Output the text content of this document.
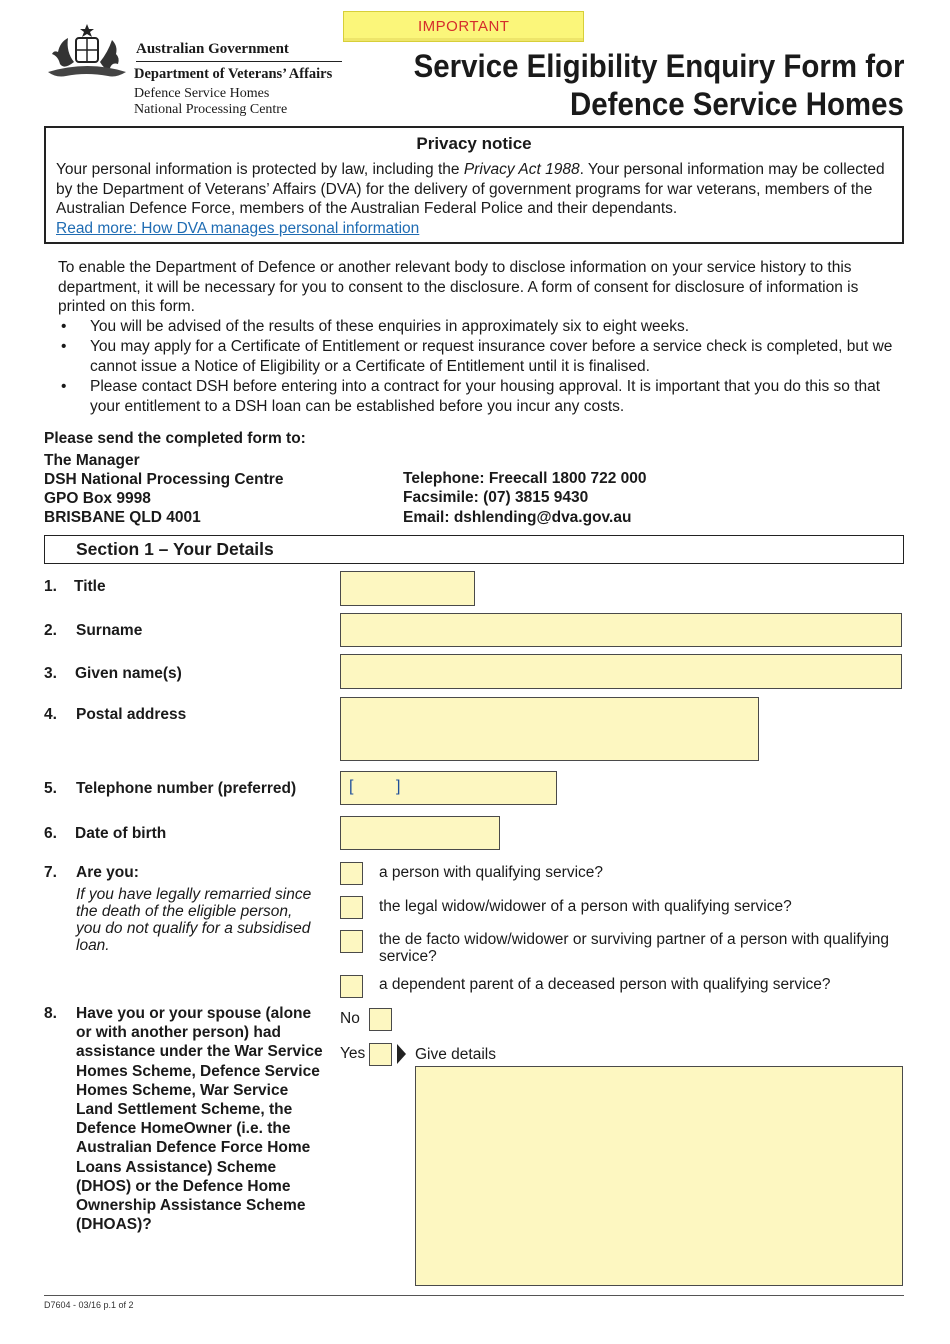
Australian Government
Department of Veterans’ Affairs
Defence Service Homes
National Processing Centre
IMPORTANT
Service Eligibility Enquiry Form for
Defence Service Homes
Privacy notice
Your personal information is protected by law, including the Privacy Act 1988. Your personal information may be collected by the Department of Veterans’ Affairs (DVA) for the delivery of government programs for war veterans, members of the Australian Defence Force, members of the Australian Federal Police and their dependants.
Read more: How DVA manages personal information
To enable the Department of Defence or another relevant body to disclose information on your service history to this department, it will be necessary for you to consent to the disclosure. A form of consent for disclosure of information is printed on this form.
• You will be advised of the results of these enquiries in approximately six to eight weeks.
• You may apply for a Certificate of Entitlement or request insurance cover before a service check is completed, but we cannot issue a Notice of Eligibility or a Certificate of Entitlement until it is finalised.
• Please contact DSH before entering into a contract for your housing approval. It is important that you do this so that your entitlement to a DSH loan can be established before you incur any costs.
Please send the completed form to:
The Manager
DSH National Processing Centre
GPO Box 9998
BRISBANE QLD 4001
Telephone: Freecall 1800 722 000
Facsimile: (07) 3815 9430
Email: dshlending@dva.gov.au
Section 1 – Your Details
1. Title
2. Surname
3. Given name(s)
4. Postal address
5. Telephone number (preferred)	[	]
6. Date of birth
7. Are you:
If you have legally remarried since the death of the eligible person, you do not qualify for a subsidised loan.
a person with qualifying service?
the legal widow/widower of a person with qualifying service?
the de facto widow/widower or surviving partner of a person with qualifying service?
a dependent parent of a deceased person with qualifying service?
8. Have you or your spouse (alone or with another person) had assistance under the War Service Homes Scheme, Defence Service Homes Scheme, War Service Land Settlement Scheme, the Defence HomeOwner (i.e. the Australian Defence Force Home Loans Assistance) Scheme (DHOS) or the Defence Home Ownership Assistance Scheme (DHOAS)?
No
Yes	Give details
D7604 - 03/16 p.1 of 2
